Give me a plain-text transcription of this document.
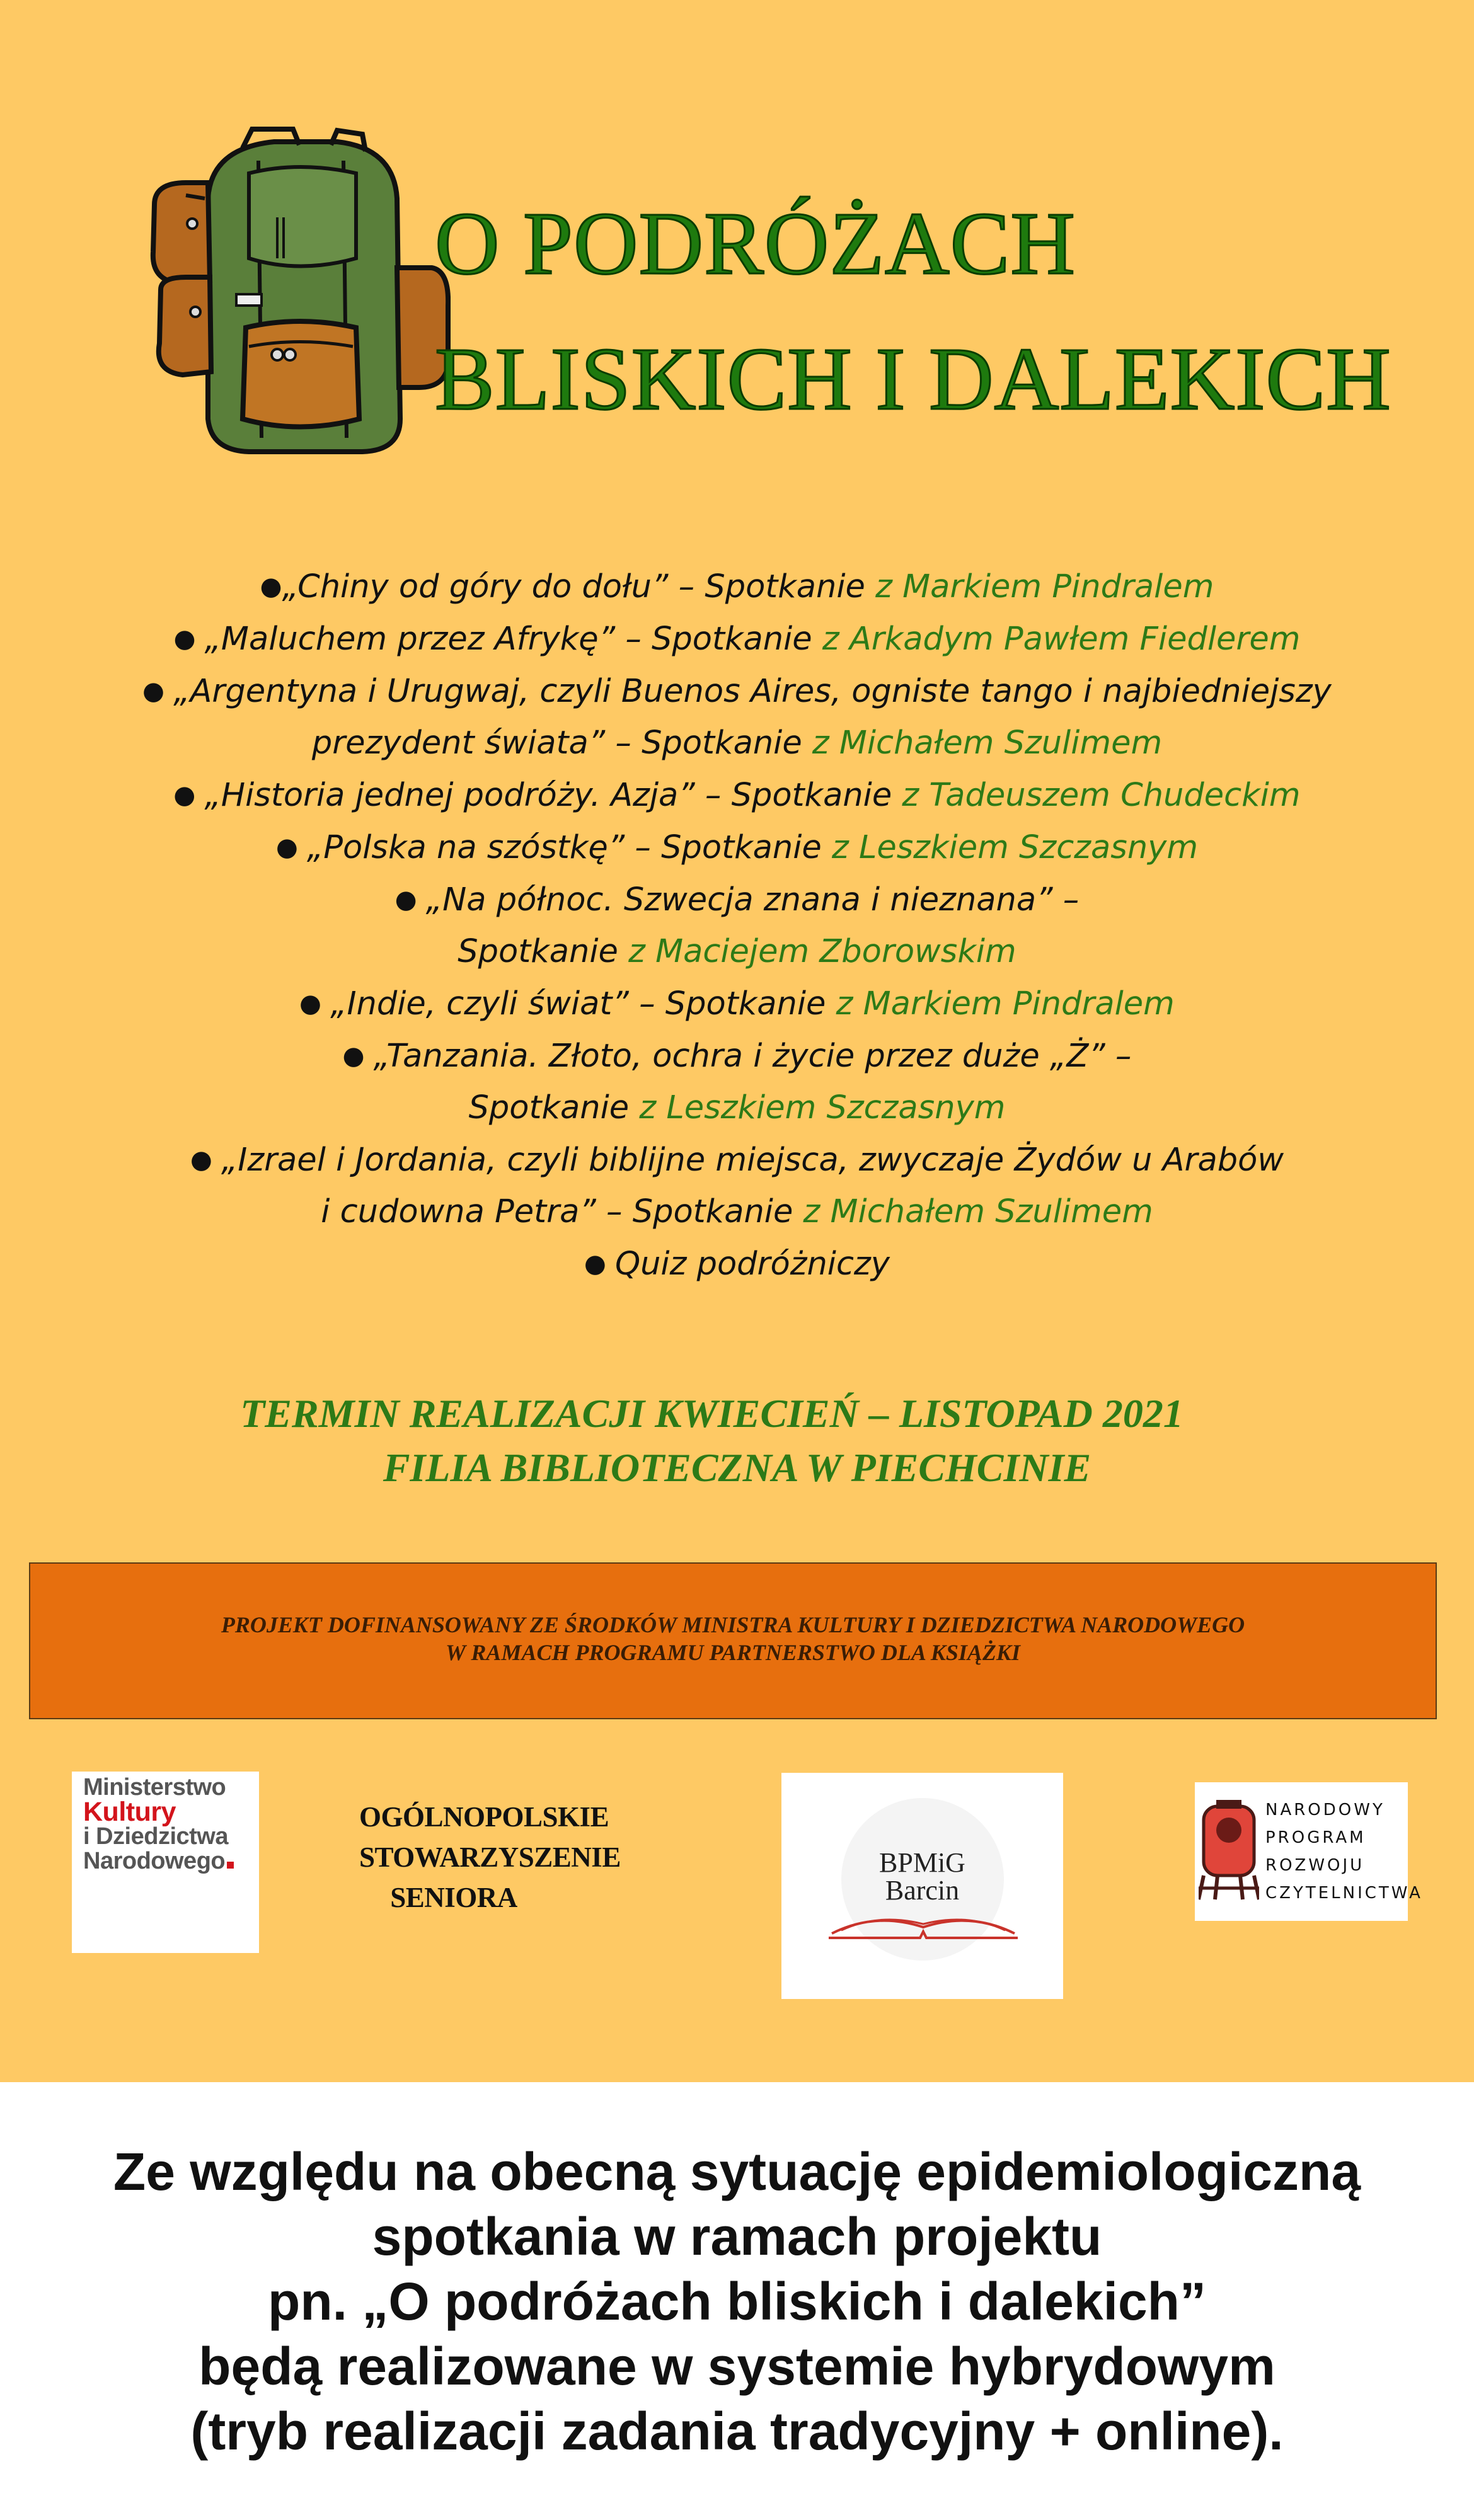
O PODRÓŻACH
BLISKICH I DALEKICH
●„Chiny od góry do dołu” – Spotkanie z Markiem Pindralem
● „Maluchem przez Afrykę” – Spotkanie z Arkadym Pawłem Fiedlerem
● „Argentyna i Urugwaj, czyli Buenos Aires, ogniste tango i najbiedniejszy
prezydent świata” – Spotkanie z Michałem Szulimem
● „Historia jednej podróży. Azja” – Spotkanie z Tadeuszem Chudeckim
● „Polska na szóstkę” – Spotkanie z Leszkiem Szczasnym
● „Na północ. Szwecja znana i nieznana” –
Spotkanie z Maciejem Zborowskim
● „Indie, czyli świat” – Spotkanie z Markiem Pindralem
● „Tanzania. Złoto, ochra i życie przez duże „Ż” –
Spotkanie z Leszkiem Szczasnym
● „Izrael i Jordania, czyli biblijne miejsca, zwyczaje Żydów u Arabów
i cudowna Petra” – Spotkanie z Michałem Szulimem
● Quiz podróżniczy
TERMIN REALIZACJI KWIECIEŃ – LISTOPAD 2021
FILIA BIBLIOTECZNA W PIECHCINIE
PROJEKT DOFINANSOWANY ZE ŚRODKÓW MINISTRA KULTURY I DZIEDZICTWA NARODOWEGO
W RAMACH PROGRAMU PARTNERSTWO DLA KSIĄŻKI
Ministerstwo
Kultury
i Dziedzictwa
Narodowego
OGÓLNOPOLSKIE
STOWARZYSZENIE
SENIORA
BPMiG
Barcin
NARODOWY
PROGRAM
ROZWOJU
CZYTELNICTWA
Ze względu na obecną sytuację epidemiologiczną
spotkania w ramach projektu
pn. „O podróżach bliskich i dalekich”
będą realizowane w systemie hybrydowym
(tryb realizacji zadania tradycyjny + online).
